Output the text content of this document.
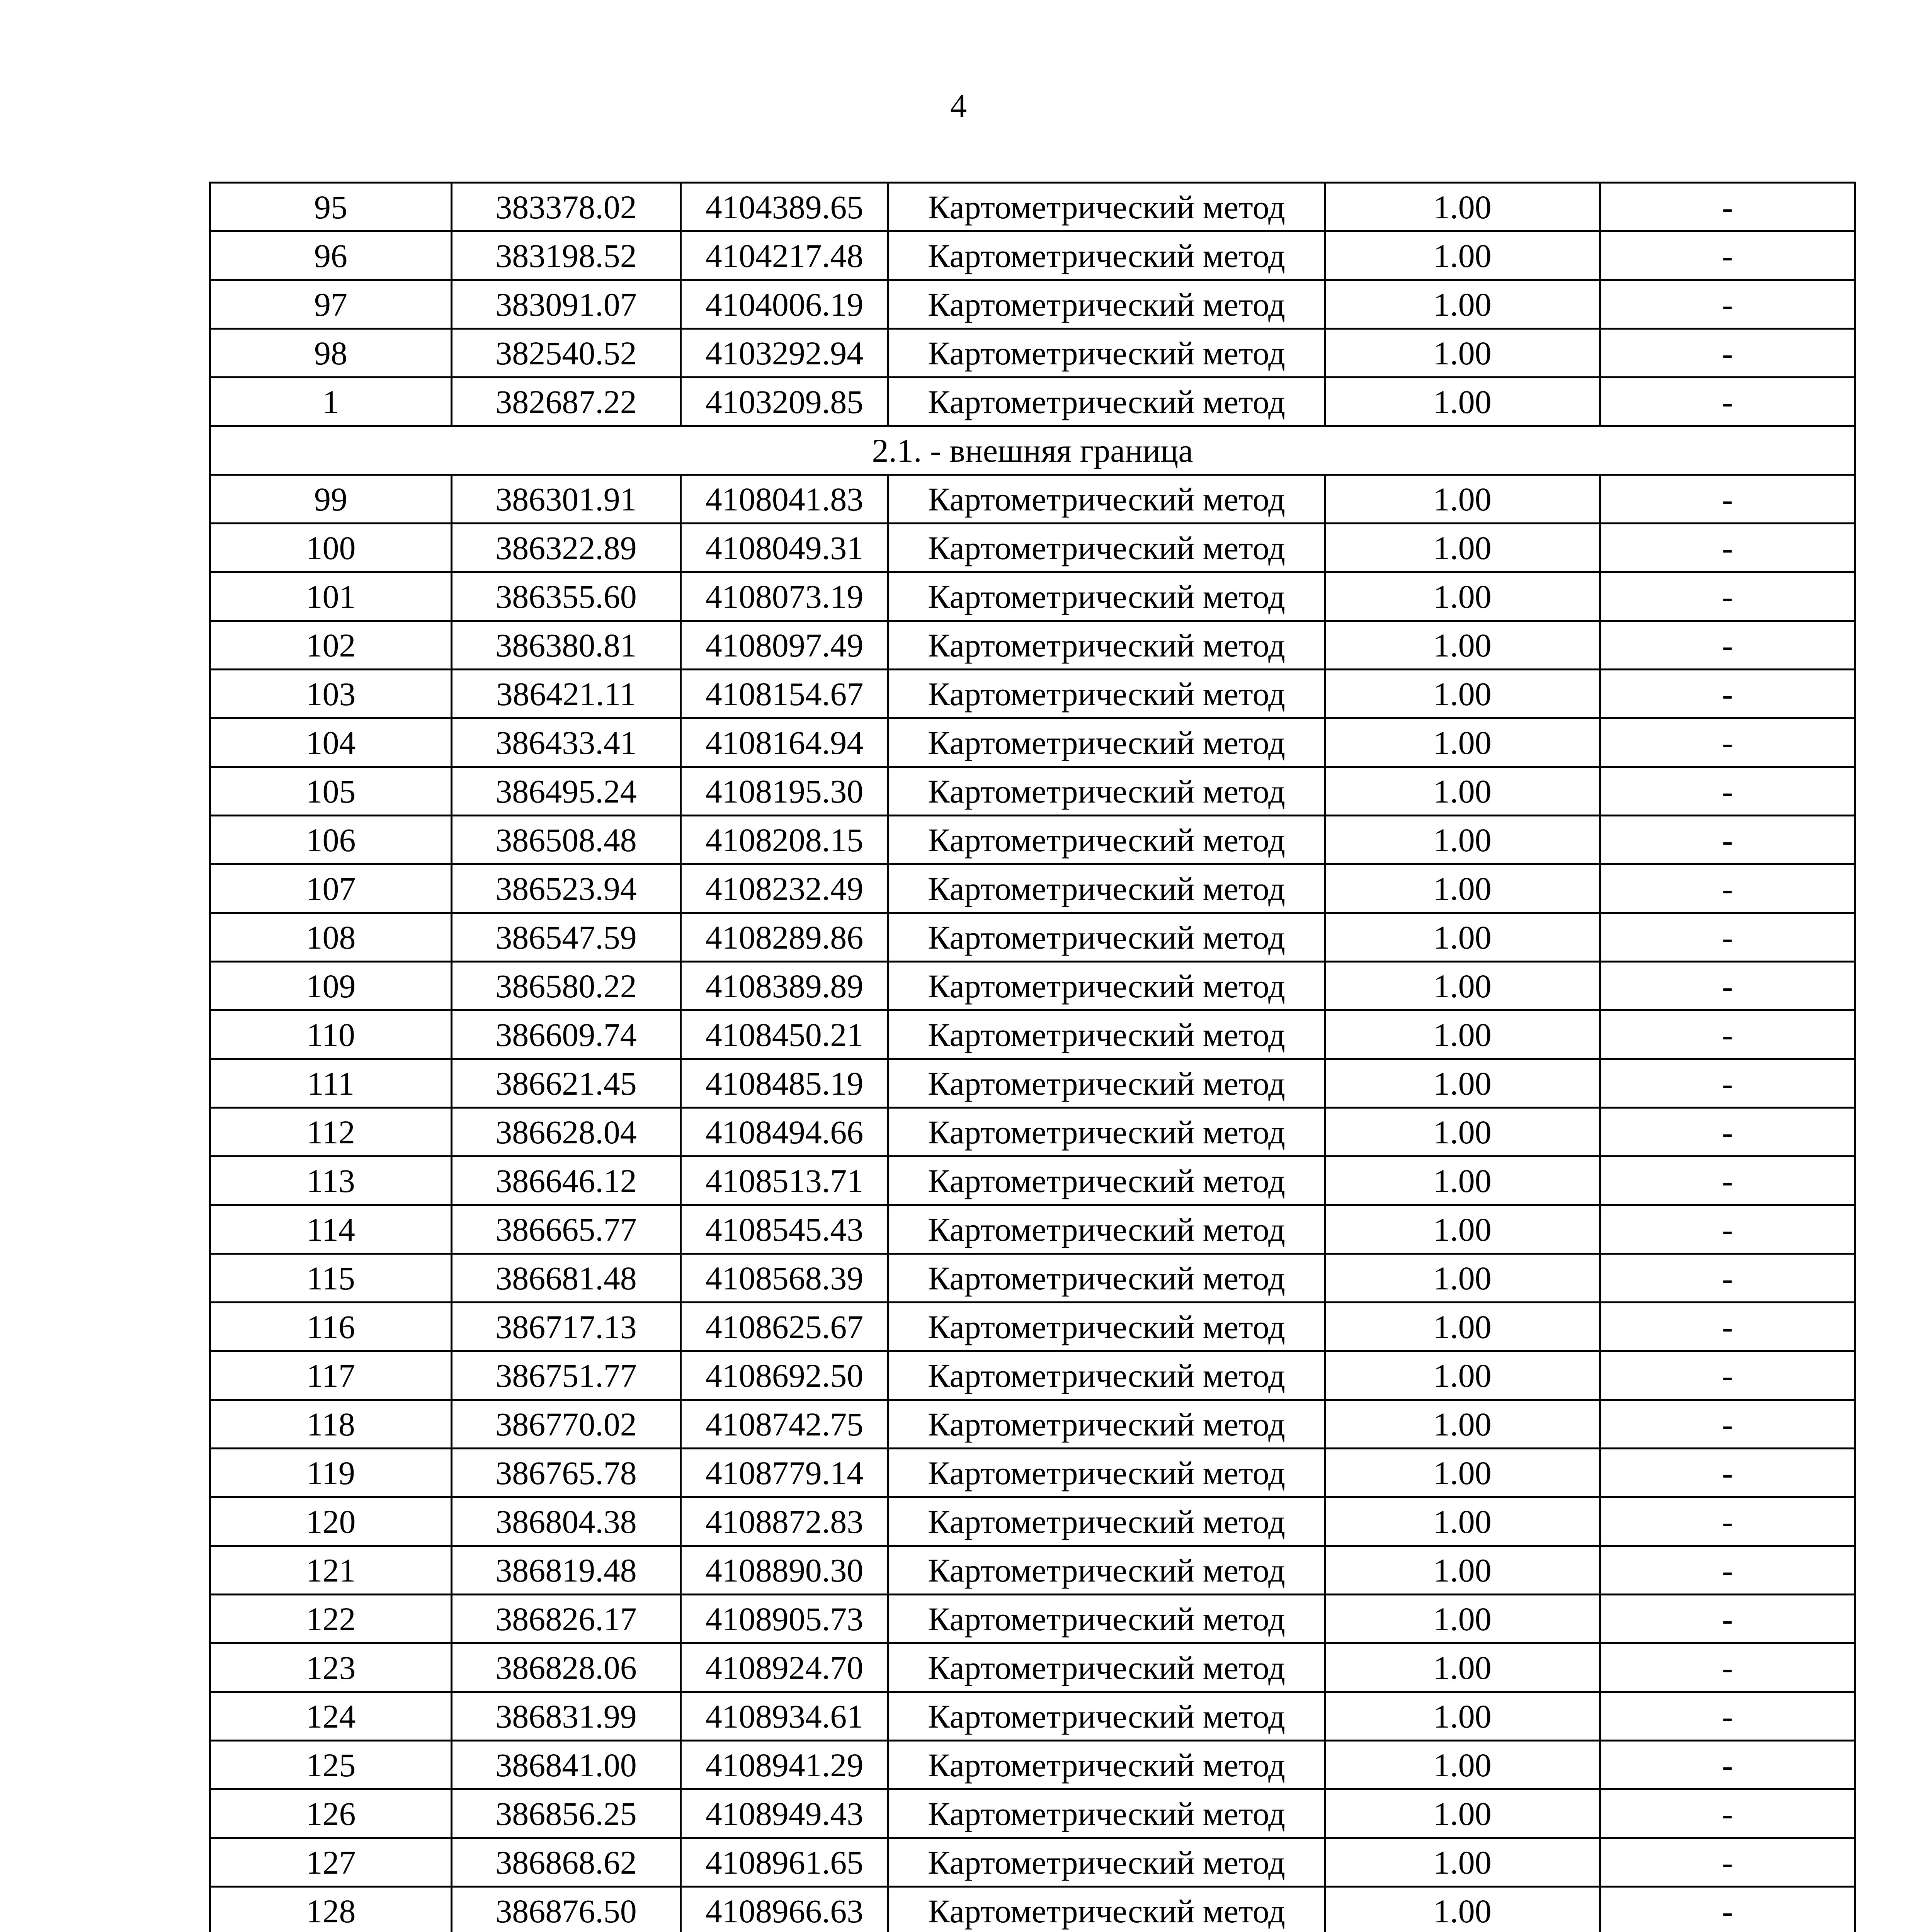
4
95	383378.02	4104389.65	Картометрический метод	1.00	-
96	383198.52	4104217.48	Картометрический метод	1.00	-
97	383091.07	4104006.19	Картометрический метод	1.00	-
98	382540.52	4103292.94	Картометрический метод	1.00	-
1	382687.22	4103209.85	Картометрический метод	1.00	-
2.1. - внешняя граница					
99	386301.91	4108041.83	Картометрический метод	1.00	-
100	386322.89	4108049.31	Картометрический метод	1.00	-
101	386355.60	4108073.19	Картометрический метод	1.00	-
102	386380.81	4108097.49	Картометрический метод	1.00	-
103	386421.11	4108154.67	Картометрический метод	1.00	-
104	386433.41	4108164.94	Картометрический метод	1.00	-
105	386495.24	4108195.30	Картометрический метод	1.00	-
106	386508.48	4108208.15	Картометрический метод	1.00	-
107	386523.94	4108232.49	Картометрический метод	1.00	-
108	386547.59	4108289.86	Картометрический метод	1.00	-
109	386580.22	4108389.89	Картометрический метод	1.00	-
110	386609.74	4108450.21	Картометрический метод	1.00	-
111	386621.45	4108485.19	Картометрический метод	1.00	-
112	386628.04	4108494.66	Картометрический метод	1.00	-
113	386646.12	4108513.71	Картометрический метод	1.00	-
114	386665.77	4108545.43	Картометрический метод	1.00	-
115	386681.48	4108568.39	Картометрический метод	1.00	-
116	386717.13	4108625.67	Картометрический метод	1.00	-
117	386751.77	4108692.50	Картометрический метод	1.00	-
118	386770.02	4108742.75	Картометрический метод	1.00	-
119	386765.78	4108779.14	Картометрический метод	1.00	-
120	386804.38	4108872.83	Картометрический метод	1.00	-
121	386819.48	4108890.30	Картометрический метод	1.00	-
122	386826.17	4108905.73	Картометрический метод	1.00	-
123	386828.06	4108924.70	Картометрический метод	1.00	-
124	386831.99	4108934.61	Картометрический метод	1.00	-
125	386841.00	4108941.29	Картометрический метод	1.00	-
126	386856.25	4108949.43	Картометрический метод	1.00	-
127	386868.62	4108961.65	Картометрический метод	1.00	-
128	386876.50	4108966.63	Картометрический метод	1.00	-
